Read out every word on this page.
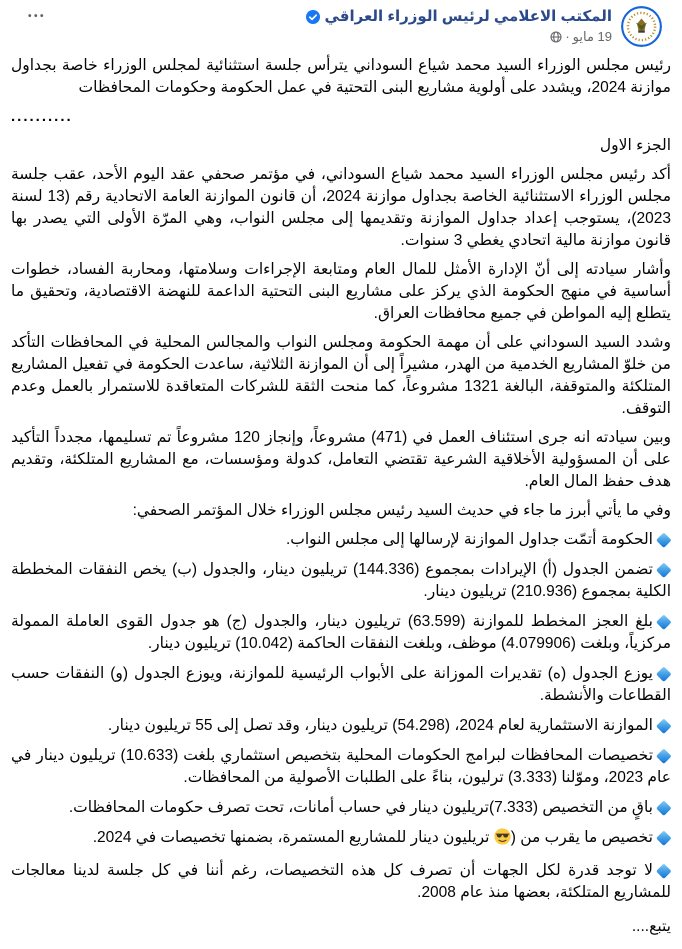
المكتب الاعلامي لرئيس الوزراء العراقي
19 مايو
·
•••

رئيس مجلس الوزراء السيد محمد شياع السوداني يترأس جلسة استثنائية لمجلس الوزراء خاصة بجداول موازنة 2024، ويشدد على أولوية مشاريع البنى التحتية في عمل الحكومة وحكومات المحافظات

..........

الجزء الاول

أكد رئيس مجلس الوزراء السيد محمد شياع السوداني، في مؤتمر صحفي عقد اليوم الأحد، عقب جلسة مجلس الوزراء الاستثنائية الخاصة بجداول موازنة 2024، أن قانون الموازنة العامة الاتحادية رقم (13 لسنة 2023)، يستوجب إعداد جداول الموازنة وتقديمها إلى مجلس النواب، وهي المرّة الأولى التي يصدر بها قانون موازنة مالية اتحادي يغطي 3 سنوات.

وأشار سيادته إلى أنّ الإدارة الأمثل للمال العام ومتابعة الإجراءات وسلامتها، ومحاربة الفساد، خطوات أساسية في منهج الحكومة الذي يركز على مشاريع البنى التحتية الداعمة للنهضة الاقتصادية، وتحقيق ما يتطلع إليه المواطن في جميع محافظات العراق.

وشدد السيد السوداني على أن مهمة الحكومة ومجلس النواب والمجالس المحلية في المحافظات التأكد من خلوّ المشاريع الخدمية من الهدر، مشيراً إلى أن الموازنة الثلاثية، ساعدت الحكومة في تفعيل المشاريع المتلكئة والمتوقفة، البالغة 1321 مشروعاً، كما منحت الثقة للشركات المتعاقدة للاستمرار بالعمل وعدم التوقف.

وبين سيادته انه جرى استئناف العمل في (471) مشروعاً، وإنجاز 120 مشروعاً تم تسليمها، مجدداً التأكيد على أن المسؤولية الأخلاقية الشرعية تقتضي التعامل، كدولة ومؤسسات، مع المشاريع المتلكئة، وتقديم هدف حفظ المال العام.

وفي ما يأتي أبرز ما جاء في حديث السيد رئيس مجلس الوزراء خلال المؤتمر الصحفي:

الحكومة أتمّت جداول الموازنة لإرسالها إلى مجلس النواب.
تضمن الجدول (أ) الإيرادات بمجموع (144.336) تريليون دينار، والجدول (ب) يخص النفقات المخططة الكلية بمجموع (210.936) تريليون دينار.
بلغ العجز المخطط للموازنة (63.599) تريليون دينار، والجدول (ج) هو جدول القوى العاملة الممولة مركزياً، وبلغت (4.079906) موظف، وبلغت النفقات الحاكمة (10.042) تريليون دينار.
يوزع الجدول (ه) تقديرات الموزانة على الأبواب الرئيسية للموازنة، ويوزع الجدول (و) النفقات حسب القطاعات والأنشطة.
الموازنة الاستثمارية لعام 2024، (54.298) تريليون دينار، وقد تصل إلى 55 تريليون دينار.
تخصيصات المحافظات لبرامج الحكومات المحلية بتخصيص استثماري بلغت (10.633) تريليون دينار في عام 2023، وموّلنا (3.333) ترليون، بناءً على الطلبات الأصولية من المحافظات.
باقٍ من التخصيص (7.333)تريليون دينار في حساب أمانات، تحت تصرف حكومات المحافظات.
تخصيص ما يقرب من ( تريليون دينار للمشاريع المستمرة، بضمنها تخصيصات في 2024.
لا توجد قدرة لكل الجهات أن تصرف كل هذه التخصيصات، رغم أننا في كل جلسة لدينا معالجات للمشاريع المتلكئة، بعضها منذ عام 2008.

يتبع....
